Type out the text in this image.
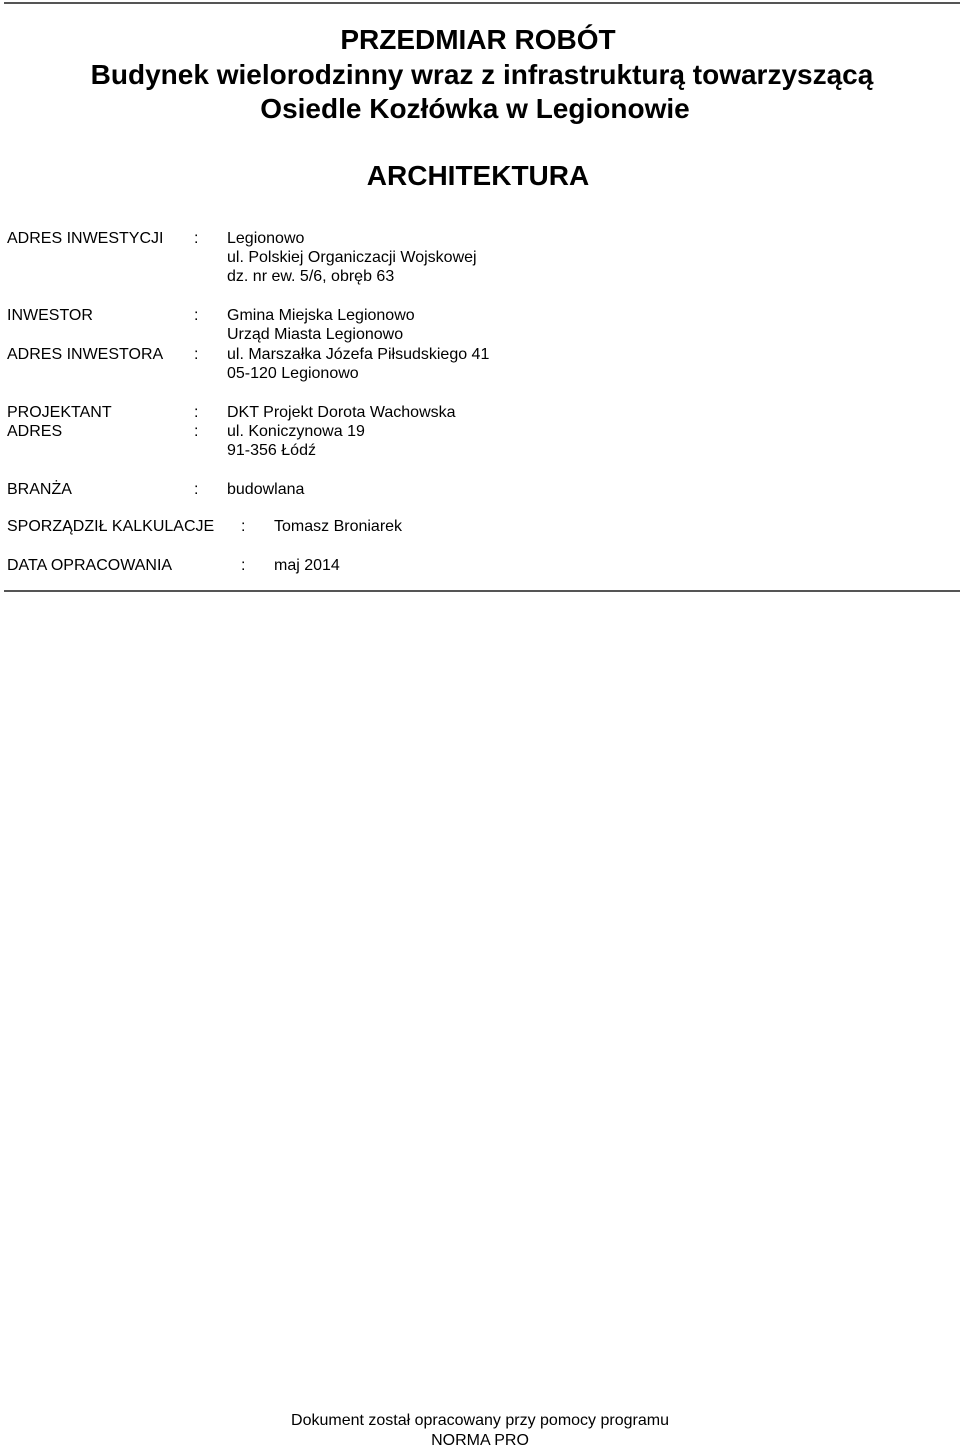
PRZEDMIAR ROBÓT
Budynek wielorodzinny wraz z infrastrukturą towarzyszącą
Osiedle Kozłówka w Legionowie
ARCHITEKTURA
ADRES INWESTYCJI : Legionowo
ul. Polskiej Organiczacji Wojskowej
dz. nr ew. 5/6, obręb 63
INWESTOR	: Gmina Miejska Legionowo
Urząd Miasta Legionowo
ADRES INWESTORA : ul. Marszałka Józefa Piłsudskiego 41
05-120 Legionowo
PROJEKTANT	: DKT Projekt Dorota Wachowska
ADRES	: ul. Koniczynowa 19
91-356 Łódź
BRANŻA	: budowlana
SPORZĄDZIŁ KALKULACJE : Tomasz Broniarek
DATA OPRACOWANIA	: maj 2014
Dokument został opracowany przy pomocy programu
NORMA PRO
